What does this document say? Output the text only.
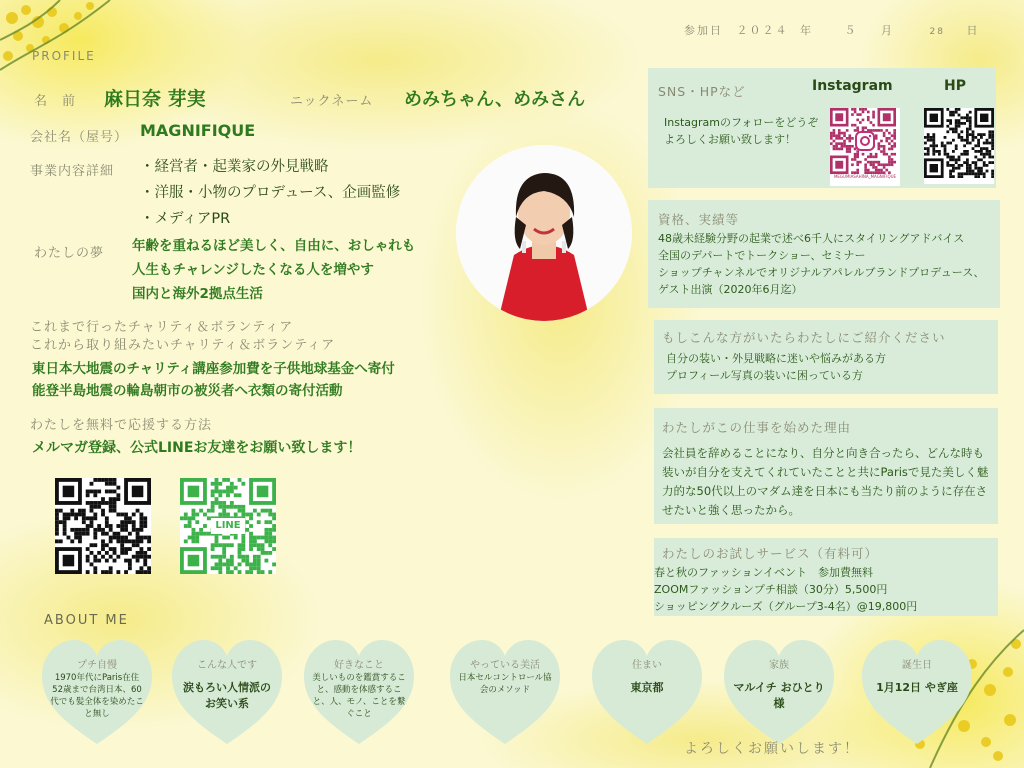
参加日 ２０２４ 年	５ 月	28 日
PROFILE
名　前 麻日奈 芽実	ニックネーム めみちゃん、めみさん
会社名（屋号） MAGNIFIQUE
事業内容詳細 ・経営者・起業家の外見戦略
・洋服・小物のプロデュース、企画監修
・メディアPR
わたしの夢 年齢を重ねるほど美しく、自由に、おしゃれも
人生もチャレンジしたくなる人を増やす
国内と海外2拠点生活
これまで行ったチャリティ＆ボランティア
これから取り組みたいチャリティ＆ボランティア
東日本大地震のチャリティ講座参加費を子供地球基金へ寄付
能登半島地震の輪島朝市の被災者へ衣類の寄付活動
わたしを無料で応援する方法
メルマガ登録、公式LINEお友達をお願い致します！
LINE
SNS・HPなど	Instagram	HP
Instagramのフォローをどうぞよろしくお願い致します！
MEGUMIASAHINA_MAGNIFIQUE
資格、実績等
48歳未経験分野の起業で述べ6千人にスタイリングアドバイス
全国のデパートでトークショー、セミナー
ショップチャンネルでオリジナルアパレルブランドプロデュース、ゲスト出演（2020年6月迄）
もしこんな方がいたらわたしにご紹介ください
自分の装い・外見戦略に迷いや悩みがある方
プロフィール写真の装いに困っている方
わたしがこの仕事を始めた理由
会社員を辞めることになり、自分と向き合ったら、どんな時も装いが自分を支えてくれていたことと共にParisで見た美しく魅力的な50代以上のマダム達を日本にも当たり前のように存在させたいと強く思ったから。
わたしのお試しサービス（有料可）
春と秋のファッションイベント　参加費無料
ZOOMファッションプチ相談（30分）5,500円
ショッピングクルーズ（グループ3-4名）@19,800円
ABOUT ME
プチ自慢
1970年代にParis在住52歳まで台湾日本、60代でも髪全体を染めたこと無し
こんな人です
涙もろい人情派のお笑い系
好きなこと
美しいものを鑑賞すること、感動を体感すること、人、モノ、ことを繋ぐこと
やっている美活
日本セルコントロール協会のメソッド
住まい
東京都
家族
マルイチ おひとり様
誕生日
1月12日 やぎ座
よろしくお願いします！
